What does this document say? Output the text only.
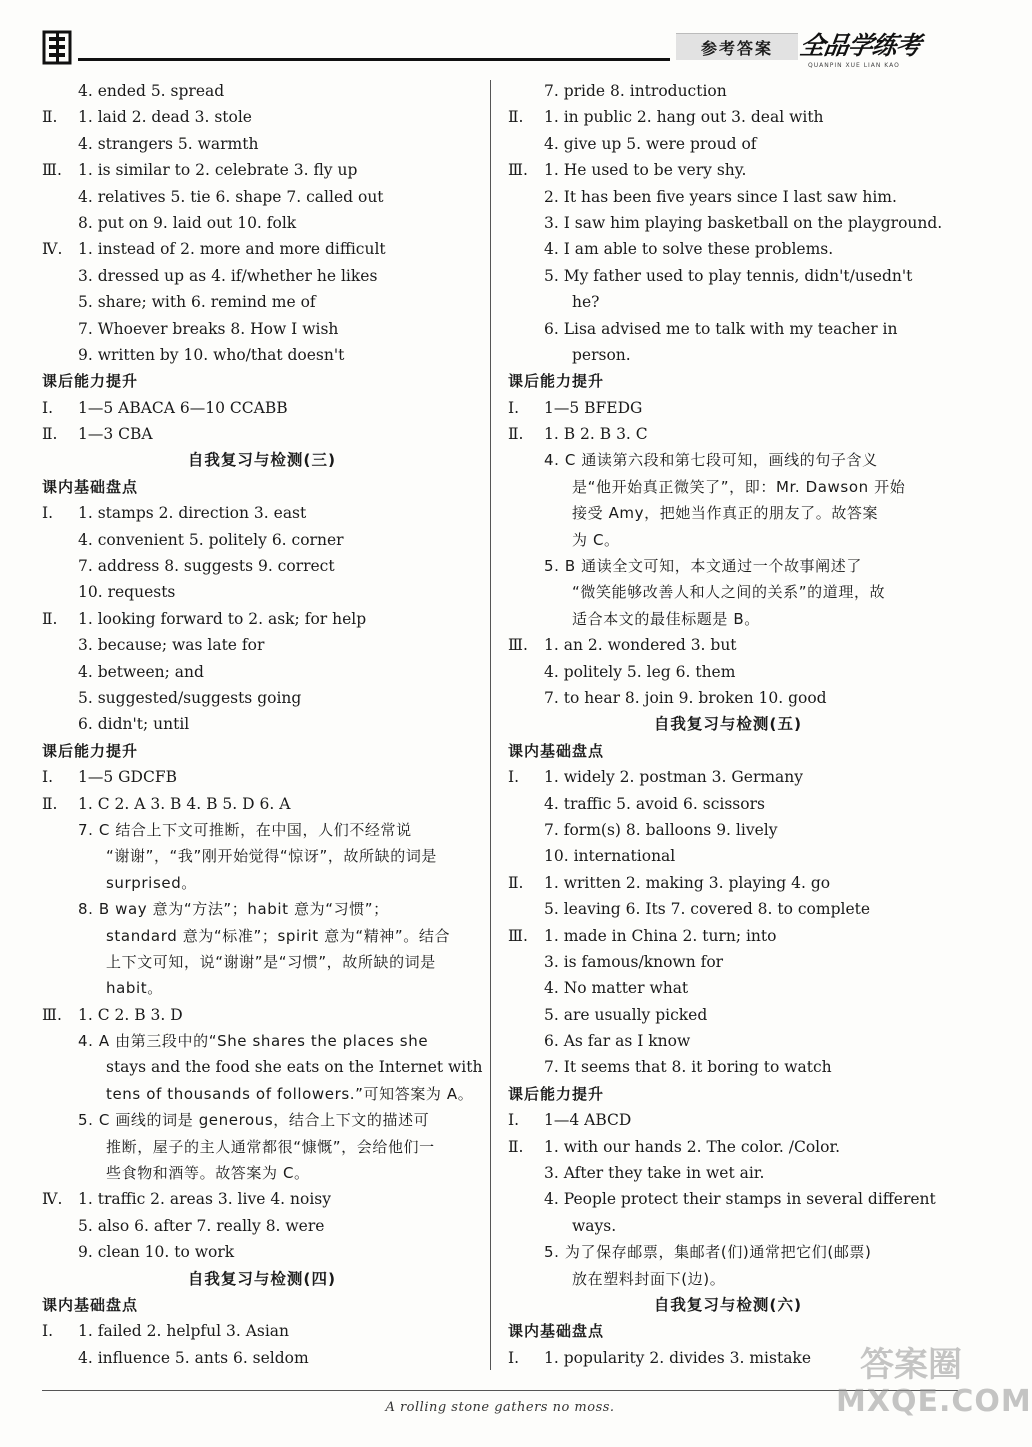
参考答案	全品学练考
QUANPIN XUE LIAN KAO
4. ended 5. spread
Ⅱ. 1. laid 2. dead 3. stole
4. strangers 5. warmth
Ⅲ. 1. is similar to 2. celebrate 3. fly up
4. relatives 5. tie 6. shape 7. called out
8. put on 9. laid out 10. folk
Ⅳ. 1. instead of 2. more and more difficult
3. dressed up as 4. if/whether he likes
5. share; with 6. remind me of
7. Whoever breaks 8. How I wish
9. written by 10. who/that doesn't
课后能力提升
Ⅰ. 1—5 ABACA 6—10 CCABB
Ⅱ. 1—3 CBA
自我复习与检测(三)
课内基础盘点
Ⅰ. 1. stamps 2. direction 3. east
4. convenient 5. politely 6. corner
7. address 8. suggests 9. correct
10. requests
Ⅱ. 1. looking forward to 2. ask; for help
3. because; was late for
4. between; and
5. suggested/suggests going
6. didn't; until
课后能力提升
Ⅰ. 1—5 GDCFB
Ⅱ. 1. C 2. A 3. B 4. B 5. D 6. A
7. C 结合上下文可推断，在中国，人们不经常说
“谢谢”，“我”刚开始觉得“惊讶”，故所缺的词是
surprised。
8. B way 意为“方法”；habit 意为“习惯”；
standard 意为“标准”；spirit 意为“精神”。结合
上下文可知，说“谢谢”是“习惯”，故所缺的词是
habit。
Ⅲ. 1. C 2. B 3. D
4. A 由第三段中的“She shares the places she
stays and the food she eats on the Internet with
tens of thousands of followers.”可知答案为 A。
5. C 画线的词是 generous，结合上下文的描述可
推断，屋子的主人通常都很“慷慨”，会给他们一
些食物和酒等。故答案为 C。
Ⅳ. 1. traffic 2. areas 3. live 4. noisy
5. also 6. after 7. really 8. were
9. clean 10. to work
自我复习与检测(四)
课内基础盘点
Ⅰ. 1. failed 2. helpful 3. Asian
4. influence 5. ants 6. seldom
7. pride 8. introduction
Ⅱ. 1. in public 2. hang out 3. deal with
4. give up 5. were proud of
Ⅲ. 1. He used to be very shy.
2. It has been five years since I last saw him.
3. I saw him playing basketball on the playground.
4. I am able to solve these problems.
5. My father used to play tennis, didn't/usedn't
he?
6. Lisa advised me to talk with my teacher in
person.
课后能力提升
Ⅰ. 1—5 BFEDG
Ⅱ. 1. B 2. B 3. C
4. C 通读第六段和第七段可知，画线的句子含义
是“他开始真正微笑了”，即：Mr. Dawson 开始
接受 Amy，把她当作真正的朋友了。故答案
为 C。
5. B 通读全文可知，本文通过一个故事阐述了
“微笑能够改善人和人之间的关系”的道理，故
适合本文的最佳标题是 B。
Ⅲ. 1. an 2. wondered 3. but
4. politely 5. leg 6. them
7. to hear 8. join 9. broken 10. good
自我复习与检测(五)
课内基础盘点
Ⅰ. 1. widely 2. postman 3. Germany
4. traffic 5. avoid 6. scissors
7. form(s) 8. balloons 9. lively
10. international
Ⅱ. 1. written 2. making 3. playing 4. go
5. leaving 6. Its 7. covered 8. to complete
Ⅲ. 1. made in China 2. turn; into
3. is famous/known for
4. No matter what
5. are usually picked
6. As far as I know
7. It seems that 8. it boring to watch
课后能力提升
Ⅰ. 1—4 ABCD
Ⅱ. 1. with our hands 2. The color. /Color.
3. After they take in wet air.
4. People protect their stamps in several different
ways.
5. 为了保存邮票，集邮者(们)通常把它们(邮票)
放在塑料封面下(边)。
自我复习与检测(六)
课内基础盘点
Ⅰ. 1. popularity 2. divides 3. mistake
A rolling stone gathers no moss.
答案圈
MXQE.COM
